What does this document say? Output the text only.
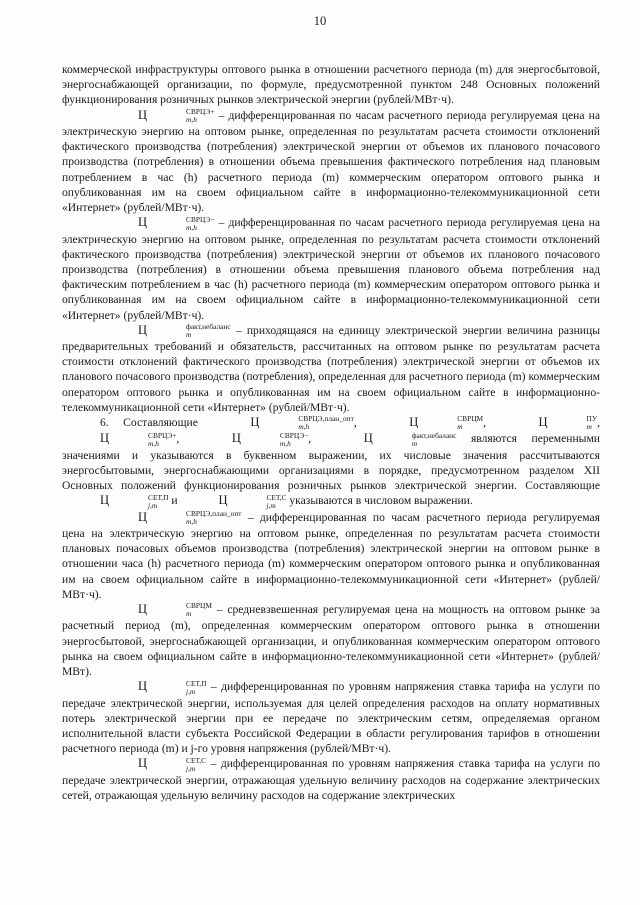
10

коммерческой инфраструктуры оптового рынка в отношении расчетного периода (m) для энергосбытовой, энергоснабжающей организации, по формуле, предусмотренной пунктом 248 Основных положений функционирования розничных рынков электрической энергии (рублей/МВт·ч).

Ц	СВРЦЭ+
m,h	– дифференцированная по часам расчетного периода регулируемая цена на электрическую энергию на оптовом рынке, определенная по результатам расчета стоимости отклонений фактического производства (потребления) электрической энергии от объемов их планового почасового производства (потребления) в отношении объема превышения фактического потребления над плановым потреблением в час (h) расчетного периода (m) коммерческим оператором оптового рынка и опубликованная им на своем официальном сайте в информационно-телекоммуникационной сети «Интернет» (рублей/МВт·ч).

Ц	СВРЦЭ−
m,h	– дифференцированная по часам расчетного периода регулируемая цена на электрическую энергию на оптовом рынке, определенная по результатам расчета стоимости отклонений фактического производства (потребления) электрической энергии от объемов их планового почасового производства (потребления) в отношении объема превышения планового объема потребления над фактическим потреблением в час (h) расчетного периода (m) коммерческим оператором оптового рынка и опубликованная им на своем официальном сайте в информационно-телекоммуникационной сети «Интернет» (рублей/МВт·ч).

Ц	факт,небаланс
m	– приходящаяся на единицу электрической энергии величина разницы предварительных требований и обязательств, рассчитанных на оптовом рынке по результатам расчета стоимости отклонений фактического производства (потребления) электрической энергии от объемов их планового почасового производства (потребления), определенная для расчетного периода (m) коммерческим оператором оптового рынка и опубликованная им на своем официальном сайте в информационно-телекоммуникационной сети «Интернет» (рублей/МВт·ч).

6. Составляющие	Ц	СВРЦЭ,план_опт
m,h	,	Ц	СВРЦМ
m	,	Ц	ПУ
m , Ц	СВРЦЭ+
m,h	,	Ц	СВРЦЭ−
m,h	,	Ц	факт,небаланс
m	являются переменными значениями и указываются в буквенном выражении, их числовые значения рассчитываются энергосбытовыми, энергоснабжающими организациями в порядке, предусмотренном разделом XII Основных положений функционирования розничных рынков электрической энергии. Составляющие Ц	СЕТ,П
j,m и	Ц	СЕТ,С
j,m указываются в числовом выражении.

Ц	СВРЦЭ,план_опт
m,h	– дифференцированная по часам расчетного периода регулируемая цена на электрическую энергию на оптовом рынке, определенная по результатам расчета стоимости плановых почасовых объемов производства (потребления) электрической энергии на оптовом рынке в отношении часа (h) расчетного периода (m) коммерческим оператором оптового рынка и опубликованная им на своем официальном сайте в информационно-телекоммуникационной сети «Интернет» (рублей/МВт·ч).

Ц	СВРЦМ
m	– средневзвешенная регулируемая цена на мощность на оптовом рынке за расчетный период (m), определенная коммерческим оператором оптового рынка в отношении энергосбытовой, энергоснабжающей организации, и опубликованная коммерческим оператором оптового рынка на своем официальном сайте в информационно-телекоммуникационной сети «Интернет» (рублей/МВт).

Ц	СЕТ,П
j,m – дифференцированная по уровням напряжения ставка тарифа на услуги по передаче электрической энергии, используемая для целей определения расходов на оплату нормативных потерь электрической энергии при ее передаче по электрическим сетям, определяемая органом исполнительной власти субъекта Российской Федерации в области регулирования тарифов в отношении расчетного периода (m) и j-го уровня напряжения (рублей/МВт·ч).

Ц	СЕТ,С
j,m – дифференцированная по уровням напряжения ставка тарифа на услуги по передаче электрической энергии, отражающая удельную величину расходов на содержание электрических сетей, отражающая удельную величину расходов на содержание электрических
